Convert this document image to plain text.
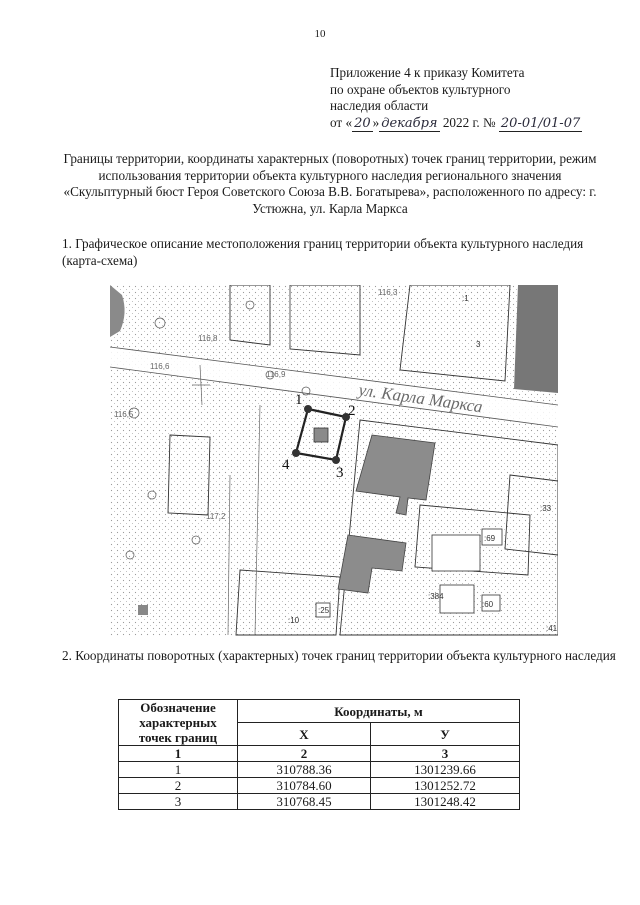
10
Приложение 4 к приказу Комитета
по охране объектов культурного
наследия области
от « 20 » декабря 2022 г. № 20-01/01-07
Границы территории, координаты характерных (поворотных) точек границ территории, режим использования территории объекта культурного наследия регионального значения «Скульптурный бюст Героя Советского Союза В.В. Богатырева», расположенного по адресу: г. Устюжна, ул. Карла Маркса
1. Графическое описание местоположения границ территории объекта культурного наследия (карта-схема)
1
2
3
4
ул. Карла Маркса
116,8
116,6
116,5
116,9
117,2
116,3
:1
3
:33
:384
:60
:41
:10
:25
:69
2. Координаты поворотных (характерных) точек границ территории объекта культурного наследия
Обозначение характерных точек границ	Координаты, м	
	Х	У
1	2	3
1	310788.36	1301239.66
2	310784.60	1301252.72
3	310768.45	1301248.42
